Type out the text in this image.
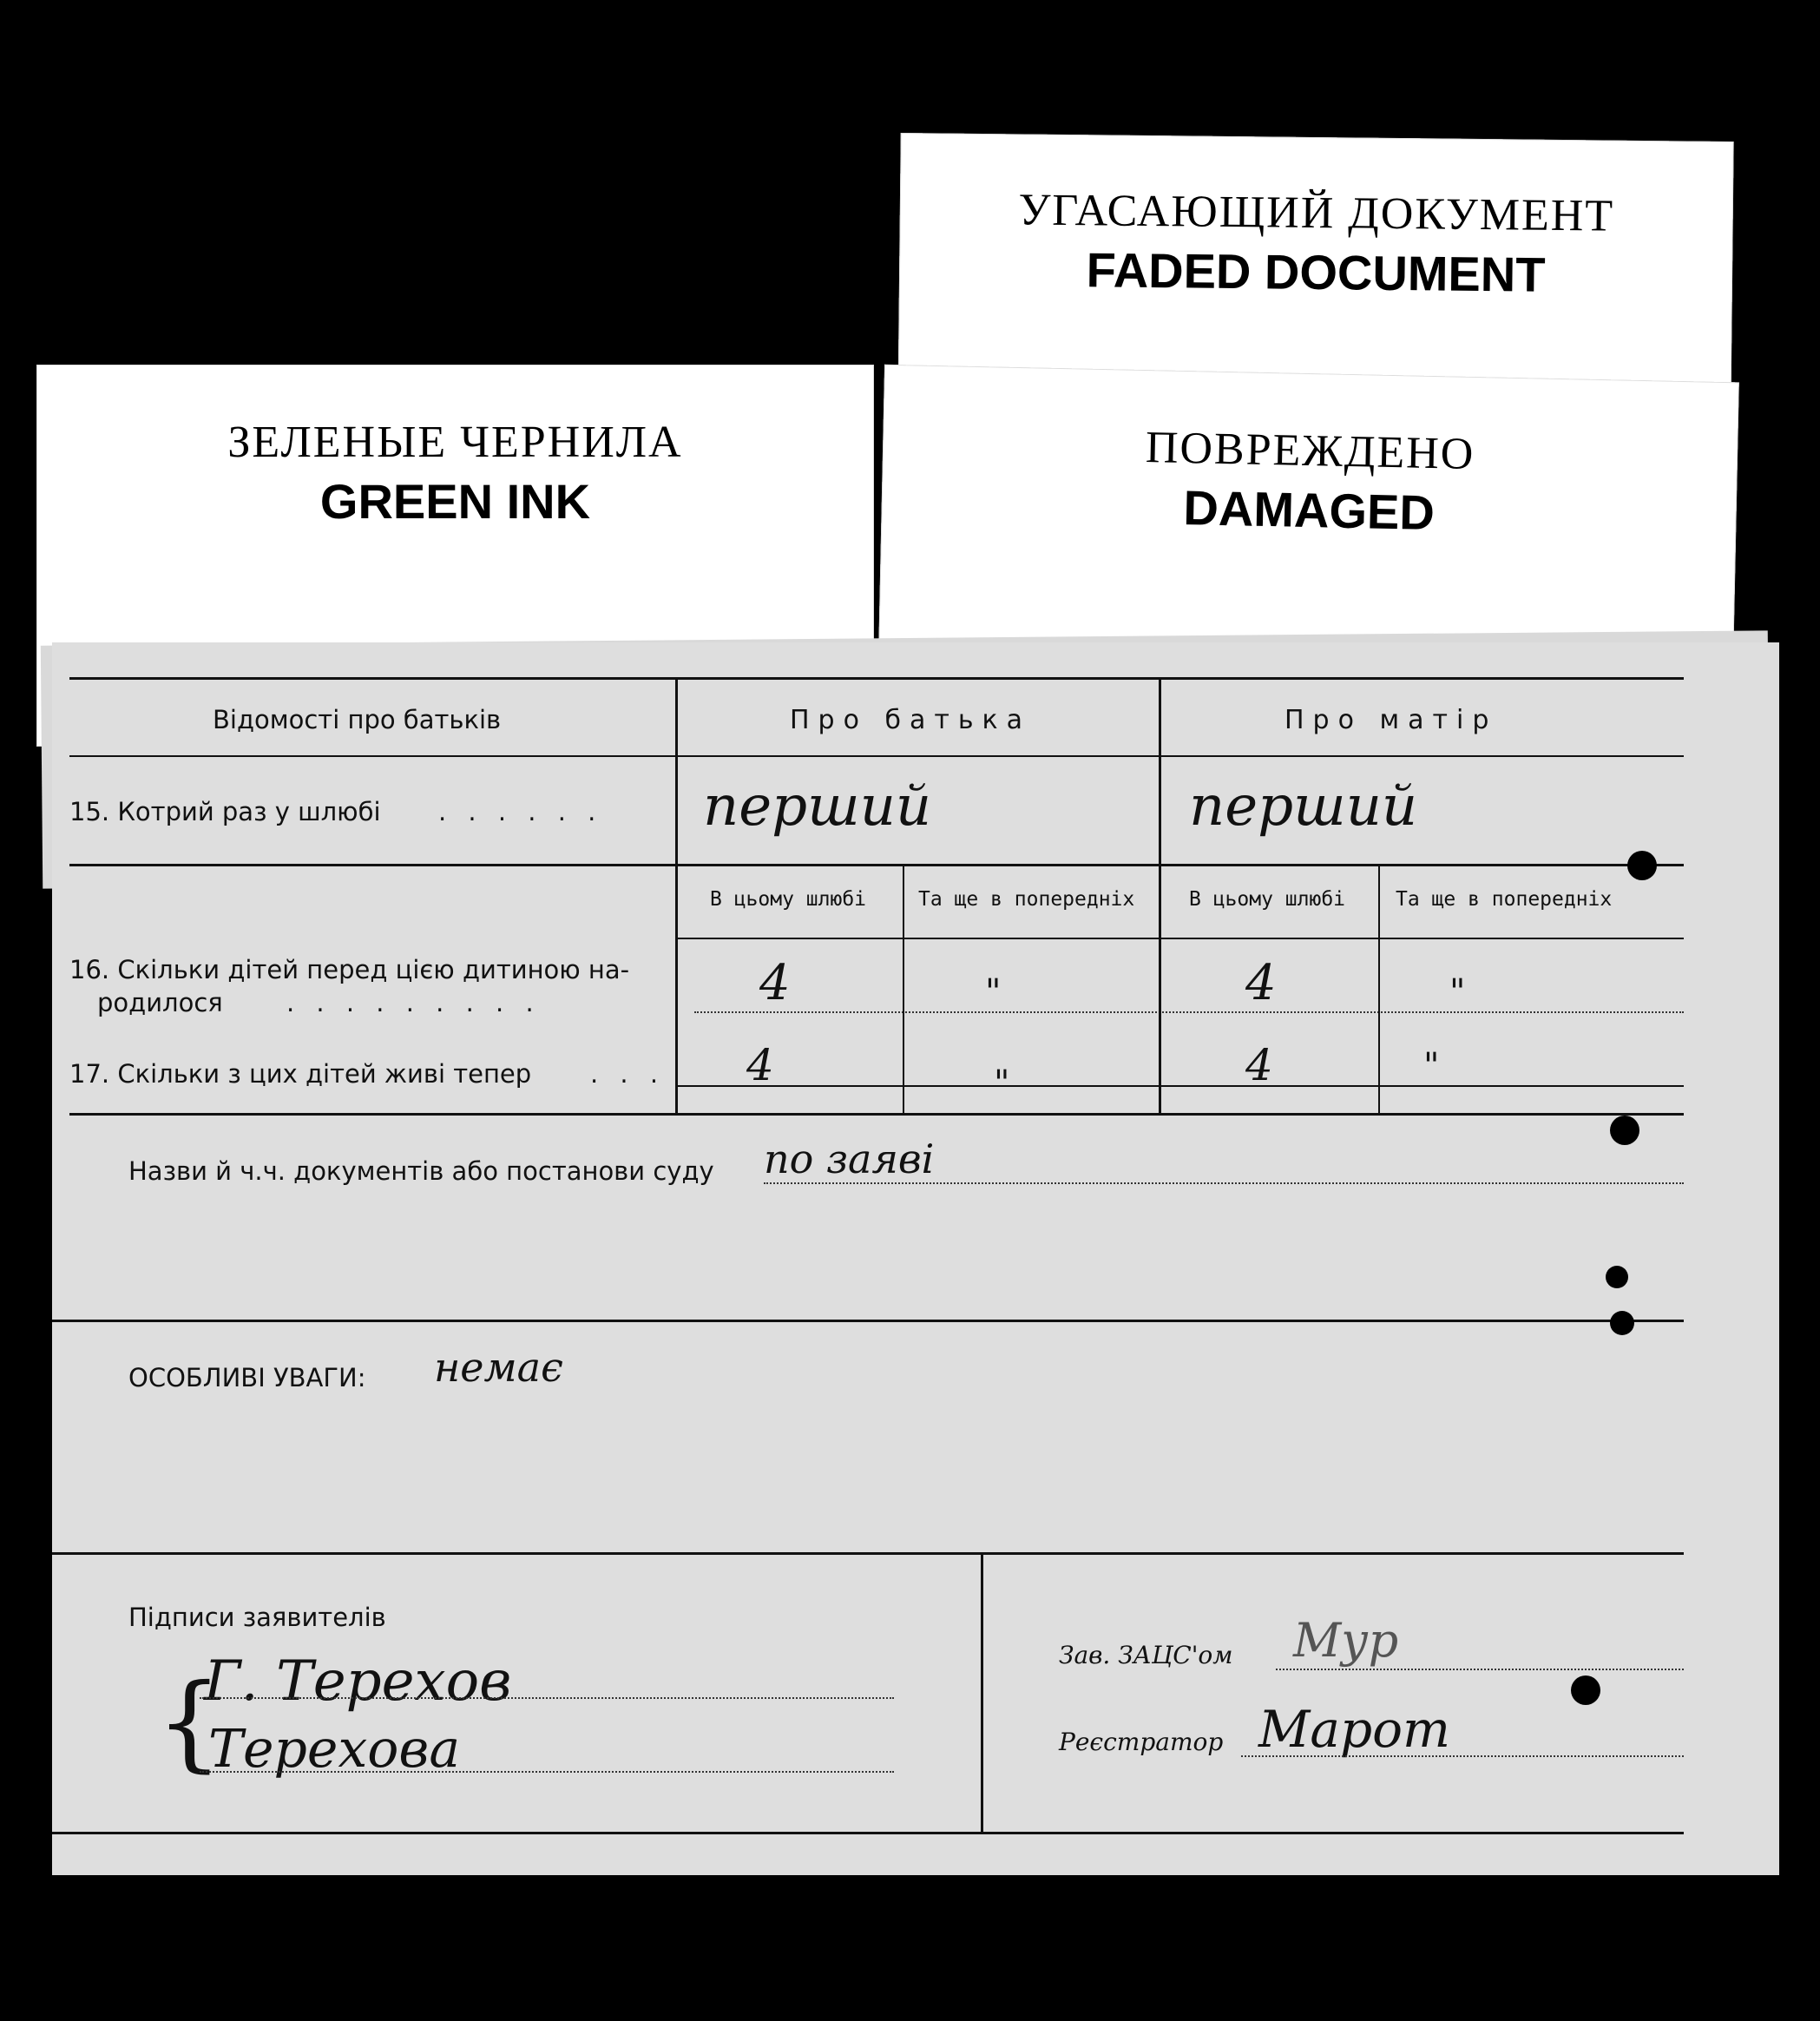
УГАСАЮЩИЙ ДОКУМЕНТ
FADED DOCUMENT
ЗЕЛЕНЫЕ ЧЕРНИЛА
GREEN INK
ПОВРЕЖДЕНО
DAMAGED
Відомості про батьків	Про батька	Про матір
15. Котрий раз у шлюбі . . . . . . перший	перший
В цьому шлюбі	Та ще в попередніх	В цьому шлюбі	Та ще в попередніх
16. Скільки дітей перед цією дитиною на-
родилося	. . . . . . . . .	4	"	4	"
17. Скільки з цих дітей живі тепер . . . 4	"	4	"
Назви й ч.ч. документів або постанови суду по заяві
ОСОБЛИВІ УВАГИ: немає
Підписи заявителів
{
Г. Терехов
Терехова
Зав. ЗАЦС'ом Мур
Реєстратор Марот
